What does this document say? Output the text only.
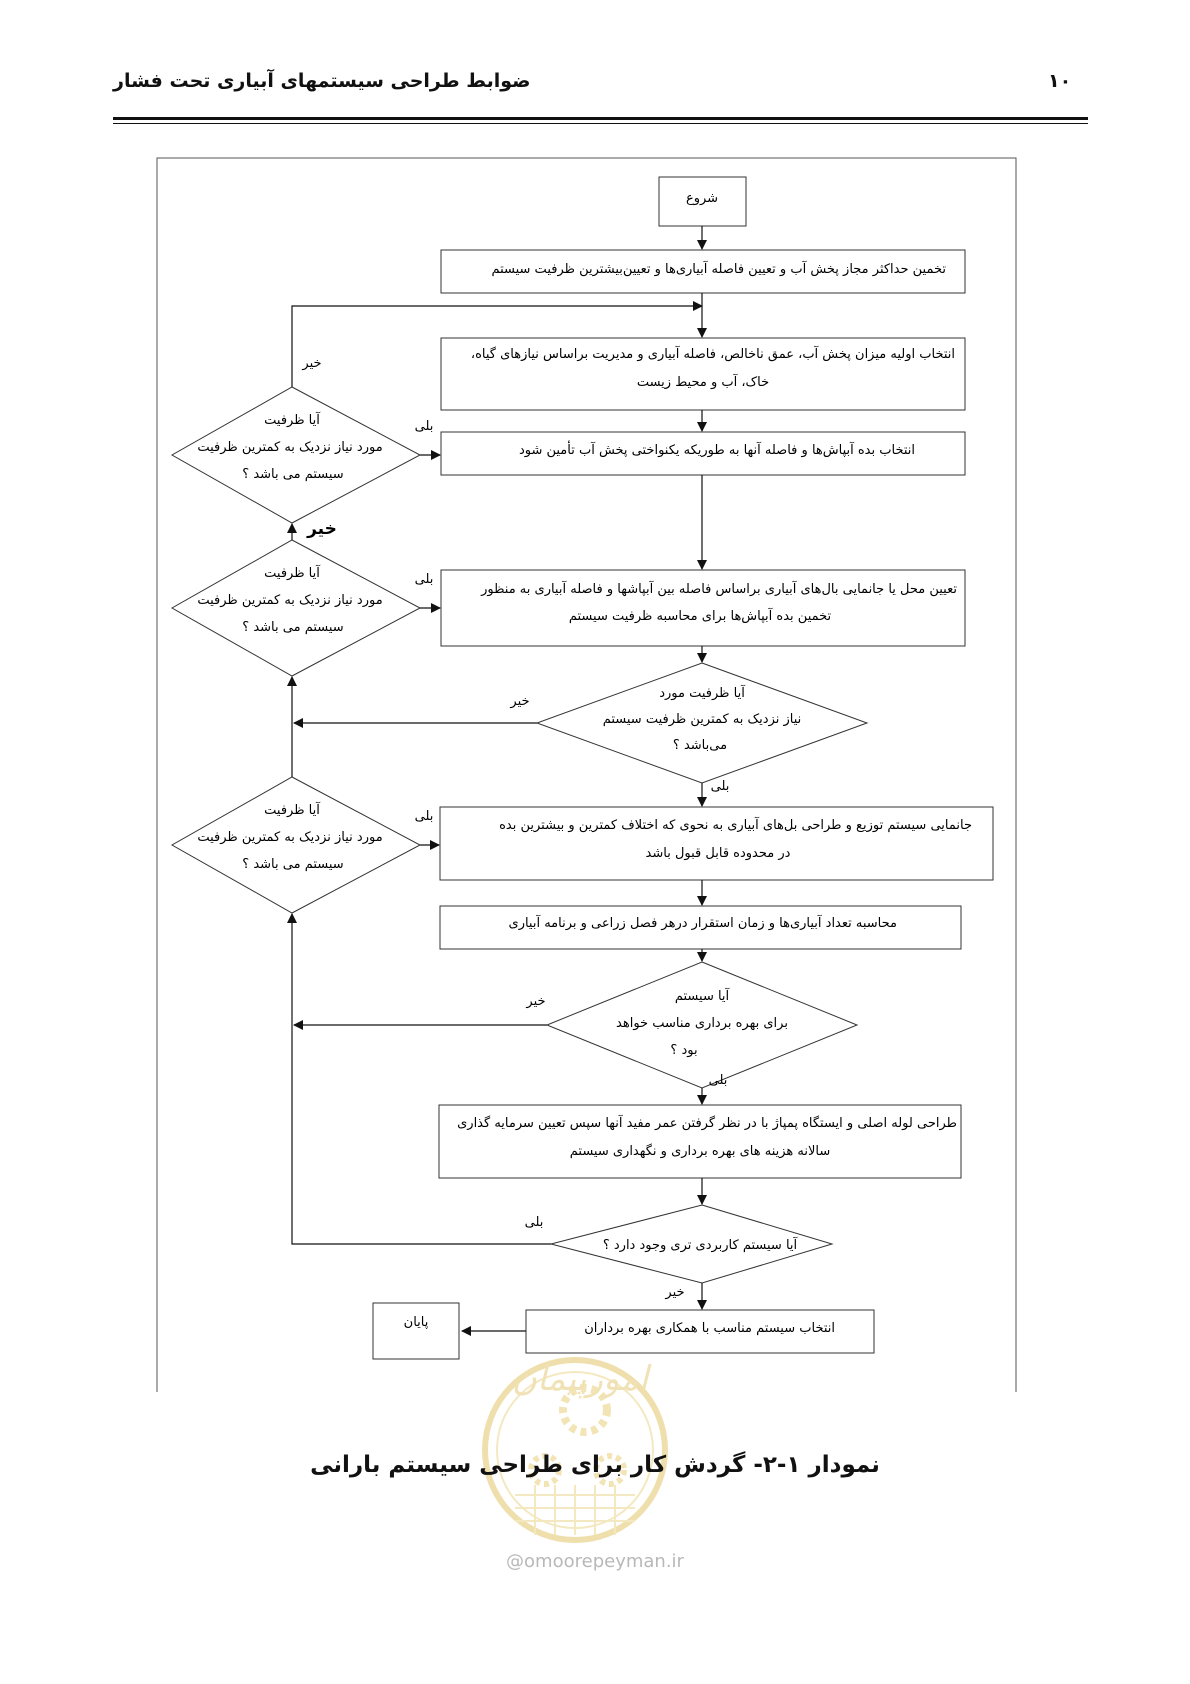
ضوابط طراحی سیستمهای آبیاری تحت فشار	۱۰
امورپیمان
شروع
تخمین حداکثر مجاز پخش آب و تعیین فاصله آبیاری‌ها و تعیین‌بیشترین ظرفیت سیستم
انتخاب اولیه میزان پخش آب، عمق ناخالص، فاصله آبیاری و مدیریت براساس نیازهای گیاه،
خاک، آب و محیط زیست
انتخاب بده آبپاش‌ها و فاصله آنها به طوریکه یکنواختی پخش آب تأمین شود
تعیین محل یا جانمایی بال‌های آبیاری براساس فاصله بین آبپاشها و فاصله آبیاری به منظور
تخمین بده آبپاش‌ها برای محاسبه ظرفیت سیستم
جانمایی سیستم توزیع و طراحی بل‌های آبیاری به نحوی که اختلاف کمترین و بیشترین بده
در محدوده قابل قبول باشد
محاسبه تعداد آبیاری‌ها و زمان استقرار درهر فصل زراعی و برنامه آبیاری
طراحی لوله اصلی و ایستگاه پمپاژ با در نظر گرفتن عمر مفید آنها سپس تعیین سرمایه گذاری
سالانه هزینه های بهره برداری و نگهداری سیستم
انتخاب سیستم مناسب با همکاری بهره برداران
پایان
آیا ظرفیت مورد
نیاز نزدیک به کمترین ظرفیت سیستم
می‌باشد ؟
آیا سیستم
برای بهره برداری مناسب خواهد
بود ؟
آیا سیستم کاربردی تری وجود دارد ؟
آیا ظرفیت
مورد نیاز نزدیک به کمترین ظرفیت
سیستم می باشد ؟
آیا ظرفیت
مورد نیاز نزدیک به کمترین ظرفیت
سیستم می باشد ؟
آیا ظرفیت
مورد نیاز نزدیک به کمترین ظرفیت
سیستم می باشد ؟
خیر
بلی
خیر
بلی
خیر
بلی
بلی
خیر
بلی
بلی
خیر
نمودار ۱-۲- گردش کار برای طراحی سیستم بارانی
@omoorepeyman.ir
